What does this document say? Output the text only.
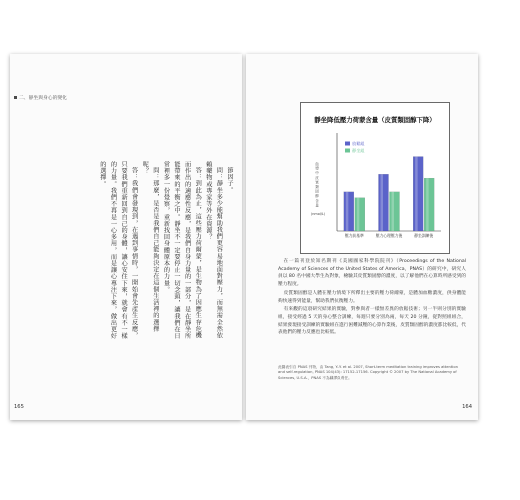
二、靜坐與身心的變化

節因子。

問：靜坐多少能幫助我們更容易地面對壓力，而無需全然依賴藥物或專家等外在資源？

答：到此為止，這些壓力荷爾蒙，是生物為了因應生存危機而作出的適應性反應，是我們自身力量的一部分，是在靜坐所能帶來的平衡之中。靜坐不一定要停止一切念頭，讓我們在日常裡多一份覺察，重新找回身體原本的力量。

問：那麼，是否是我們自己能夠決定在這個生活裡的選擇呢？

答：我們會發現到，在遇到事情時，一開始會先產生反應，只要我們重新回到自己的身體，讓心安住下來，就會有不一樣的力量。我們不再是一心多用，而是讓心專注下來，做出更好的選擇。

165
靜坐降低壓力荷蒙含量（皮質類固醇下降）
血
漿
中
皮
質
類
固
醇
含
量
(nmol/L)
放鬆組
靜坐組
壓力前基準	壓力心理壓力後	靜坐訓練後

在一篇刊登於知名期刊《美國國家科學院院刊》（Proceedings of the National Academy of Sciences of the United States of America，PNAS）的研究中，研究人員以 80 名中國大學生為對象，檢驗其皮質類固醇的濃度，以了解他們在心算時所感受到的壓力程度。

皮質類固醇是人體在壓力情境下所釋出主要的壓力荷爾蒙，是體加血糖濃度，供身體能夠快速得到能量，幫助我們抗衡壓力。

有來觀的這項研究結果的實驗，對參與者一樣無差異的放鬆技術；另一半則分別的實驗組，接受經過 5 天的身心整合訓練，每週只要分別為兩，每天 20 分鐘，從對照組組合，結果發現接受訓練的實驗組在進行困難減壓的心算作業後，皮質類固醇的濃度都比較低，代表他們的壓力反應也比較低。

此圖表引自 PNAS 刊物，由 Tang, Y.-Y. et al. 2007, Short-term meditation training improves attention and self-regulation, PNAS 104(43): 17152-17156. Copyright © 2007 by The National Academy of Sciences, U.S.A.，PNAS 不為翻譯負責任。
164
